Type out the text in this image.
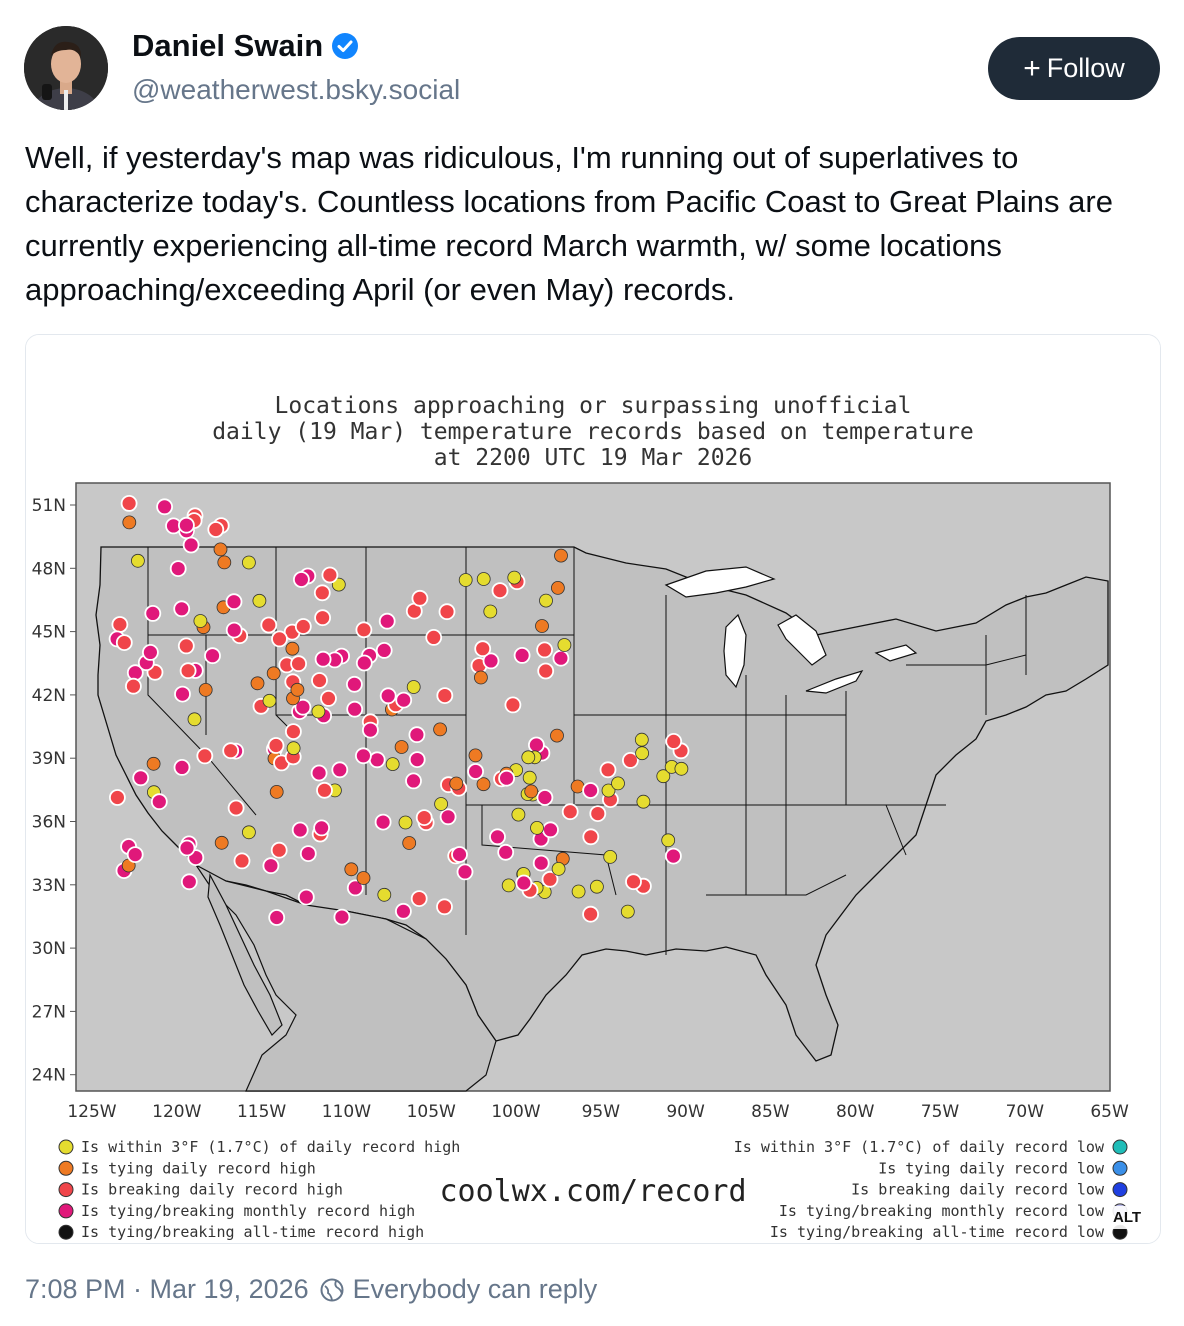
Daniel Swain
@weatherwest.bsky.social
+ Follow

Well, if yesterday's map was ridiculous, I'm running out of superlatives to characterize today's. Countless locations from Pacific Coast to Great Plains are currently experiencing all-time record March warmth, w/ some locations approaching/exceeding April (or even May) records.

Locations approaching or surpassing unofficial
daily (19 Mar) temperature records based on temperature
at 2200 UTC 19 Mar 2026
51N
48N
45N
42N
39N
36N
33N
30N
27N
24N
125W 120W 115W 110W 105W 100W 95W	90W	85W	80W	75W	70W	65W
Is within 3°F (1.7°C) of daily record high
Is tying daily record high
Is breaking daily record high
Is tying/breaking monthly record high
Is tying/breaking all-time record high
Is within 3°F (1.7°C) of daily record low
Is tying daily record low
Is breaking daily record low
Is tying/breaking monthly record low
Is tying/breaking all-time record low
coolwx.com/record
ALT
7:08 PM · Mar 19, 2026 Everybody can reply
